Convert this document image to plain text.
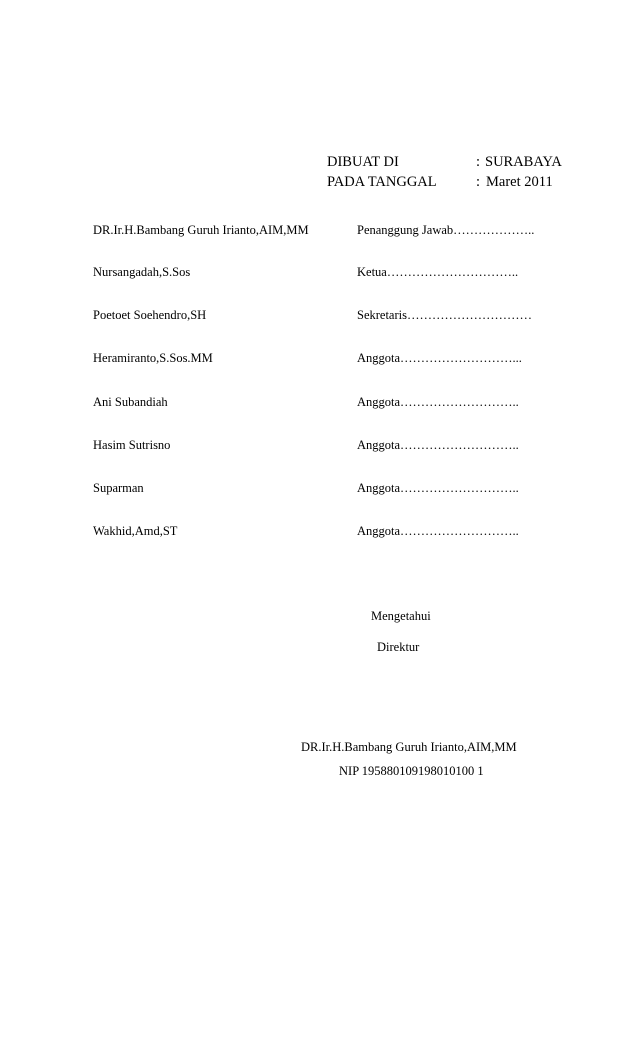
DIBUAT DI	: SURABAYA
PADA TANGGAL	: Maret 2011
DR.Ir.H.Bambang Guruh Irianto,AIM,MM	Penanggung Jawab………………..
Nursangadah,S.Sos	Ketua…………………………..
Poetoet Soehendro,SH	Sekretaris…………………………
Heramiranto,S.Sos.MM	Anggota………………………...
Ani Subandiah	Anggota………………………..
Hasim Sutrisno	Anggota………………………..
Suparman	Anggota………………………..
Wakhid,Amd,ST	Anggota………………………..
Mengetahui
Direktur
DR.Ir.H.Bambang Guruh Irianto,AIM,MM
NIP 195880109198010100 1
